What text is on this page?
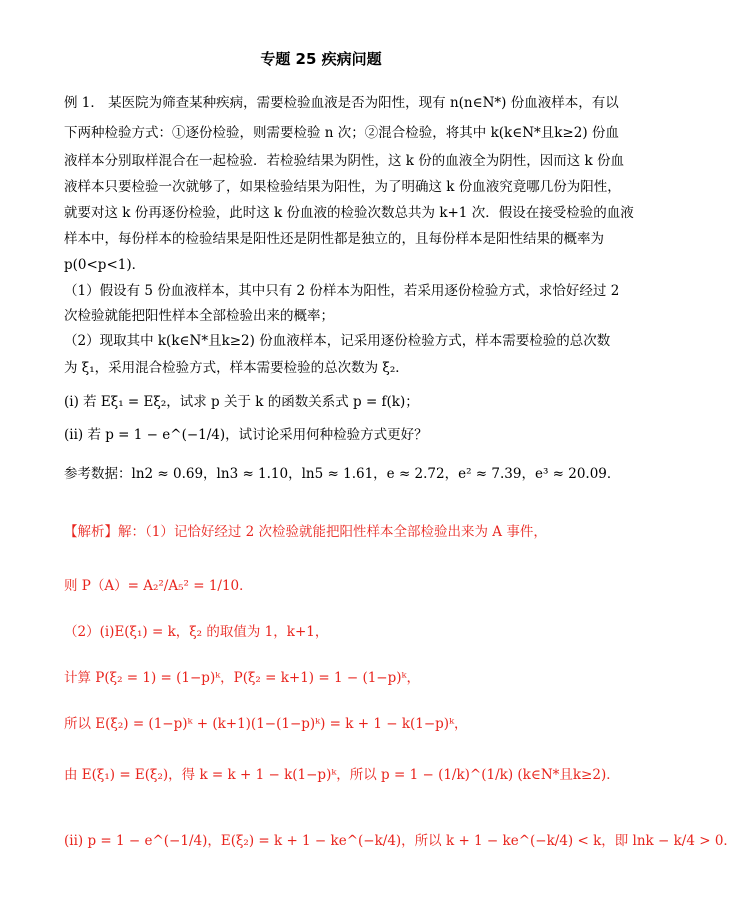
专题 25 疾病问题
例 1． 某医院为筛查某种疾病，需要检验血液是否为阳性，现有 n(n∈N*) 份血液样本，有以
下两种检验方式：①逐份检验，则需要检验 n 次；②混合检验，将其中 k(k∈N*且k≥2) 份血
液样本分别取样混合在一起检验．若检验结果为阴性，这 k 份的血液全为阴性，因而这 k 份血
液样本只要检验一次就够了，如果检验结果为阳性，为了明确这 k 份血液究竟哪几份为阳性，
就要对这 k 份再逐份检验，此时这 k 份血液的检验次数总共为 k+1 次．假设在接受检验的血液
样本中，每份样本的检验结果是阳性还是阴性都是独立的，且每份样本是阳性结果的概率为
p(0<p<1)．
（1）假设有 5 份血液样本，其中只有 2 份样本为阳性，若采用逐份检验方式，求恰好经过 2
次检验就能把阳性样本全部检验出来的概率；
（2）现取其中 k(k∈N*且k≥2) 份血液样本，记采用逐份检验方式，样本需要检验的总次数
为 ξ₁，采用混合检验方式，样本需要检验的总次数为 ξ₂．
(i) 若 Eξ₁ = Eξ₂，试求 p 关于 k 的函数关系式 p = f(k)；
(ii) 若 p = 1 − e^(−1/4)，试讨论采用何种检验方式更好？
参考数据：ln2 ≈ 0.69，ln3 ≈ 1.10，ln5 ≈ 1.61，e ≈ 2.72，e² ≈ 7.39，e³ ≈ 20.09．
【解析】解：（1）记恰好经过 2 次检验就能把阳性样本全部检验出来为 A 事件，
则 P（A）= A₂²/A₅² = 1/10．
（2）(i)E(ξ₁) = k，ξ₂ 的取值为 1，k+1，
计算 P(ξ₂ = 1) = (1−p)ᵏ，P(ξ₂ = k+1) = 1 − (1−p)ᵏ，
所以 E(ξ₂) = (1−p)ᵏ + (k+1)(1−(1−p)ᵏ) = k + 1 − k(1−p)ᵏ，
由 E(ξ₁) = E(ξ₂)，得 k = k + 1 − k(1−p)ᵏ，所以 p = 1 − (1/k)^(1/k) (k∈N*且k≥2)．
(ii) p = 1 − e^(−1/4)，E(ξ₂) = k + 1 − ke^(−k/4)，所以 k + 1 − ke^(−k/4) < k，即 lnk − k/4 > 0．
